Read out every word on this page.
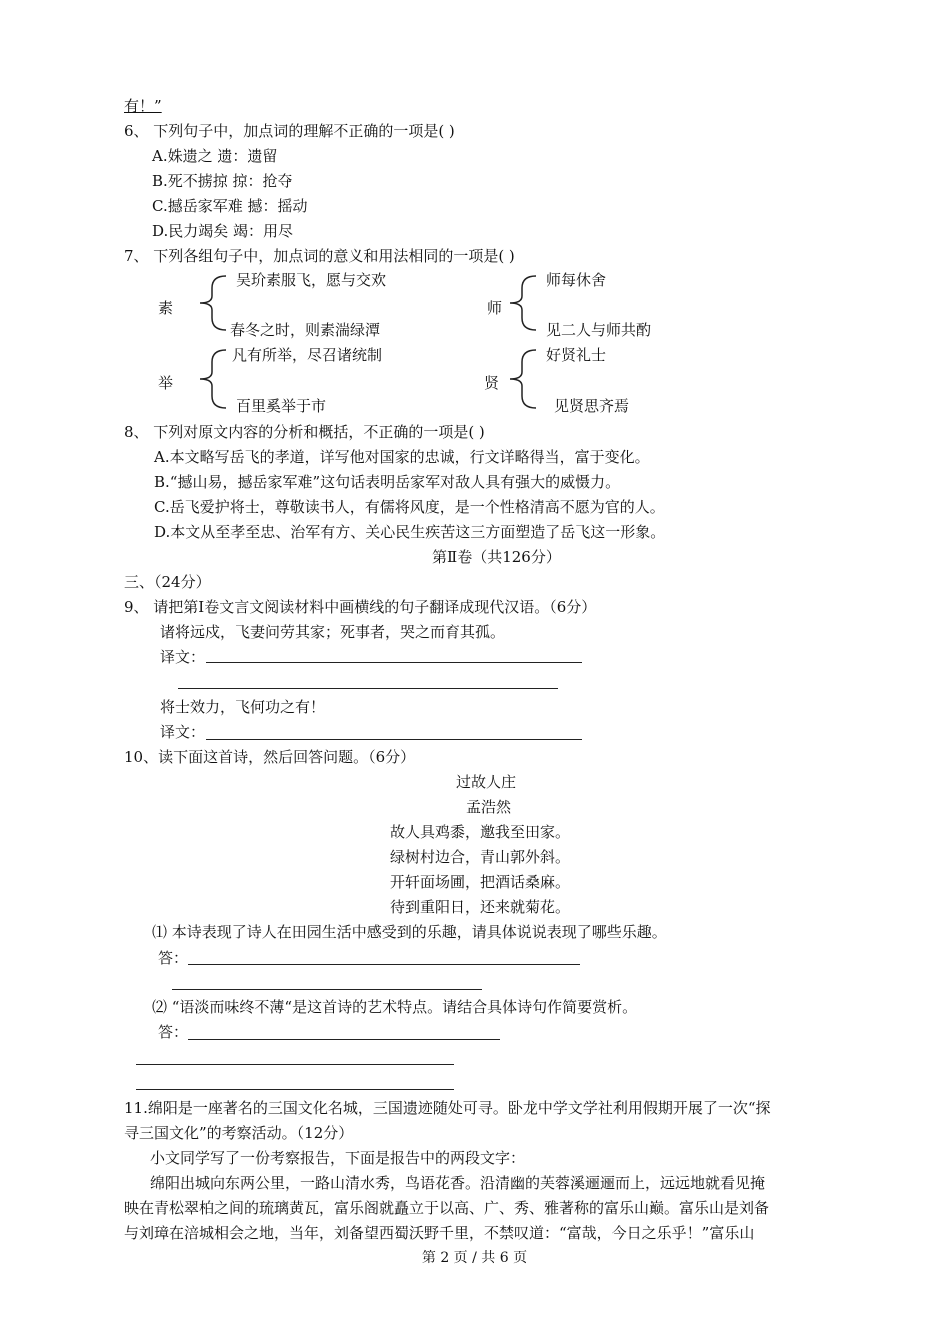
有！”
6、 下列句子中，加点词的理解不正确的一项是( )
A.姝遗之 遗：遗留
B.死不掳掠 掠：抢夺
C.撼岳家军难 撼：摇动
D.民力竭矣 竭：用尽
7、 下列各组句子中，加点词的意义和用法相同的一项是( )
素
吴玠素服飞，愿与交欢
春冬之时，则素湍绿潭
师
师每休舍
见二人与师共酌
举
凡有所举，尽召诸统制
百里奚举于市
贤
好贤礼士
见贤思齐焉
8、 下列对原文内容的分析和概括，不正确的一项是( )
A.本文略写岳飞的孝道，详写他对国家的忠诚，行文详略得当，富于变化。
B.“撼山易，撼岳家军难”这句话表明岳家军对敌人具有强大的威慑力。
C.岳飞爱护将士，尊敬读书人，有儒将风度，是一个性格清高不愿为官的人。
D.本文从至孝至忠、治军有方、关心民生疾苦这三方面塑造了岳飞这一形象。
第Ⅱ卷（共126分）
三、（24分）
9、 请把第Ⅰ卷文言文阅读材料中画横线的句子翻译成现代汉语。（6分）
诸将远戍，飞妻问劳其家；死事者，哭之而育其孤。
译文：
将士效力，飞何功之有！
译文：
10、读下面这首诗，然后回答问题。（6分）
过故人庄
孟浩然
故人具鸡黍，邀我至田家。
绿树村边合，青山郭外斜。
开轩面场圃，把酒话桑麻。
待到重阳日，还来就菊花。
⑴ 本诗表现了诗人在田园生活中感受到的乐趣，请具体说说表现了哪些乐趣。
答：
⑵ “语淡而味终不薄“是这首诗的艺术特点。请结合具体诗句作简要赏析。
答：
11.绵阳是一座著名的三国文化名城，三国遗迹随处可寻。卧龙中学文学社利用假期开展了一次“探
寻三国文化”的考察活动。（12分）
小文同学写了一份考察报告，下面是报告中的两段文字：
绵阳出城向东两公里，一路山清水秀，鸟语花香。沿清幽的芙蓉溪逦逦而上，远远地就看见掩
映在青松翠柏之间的琉璃黄瓦，富乐阁就矗立于以高、广、秀、雅著称的富乐山巅。富乐山是刘备
与刘璋在涪城相会之地，当年，刘备望西蜀沃野千里，不禁叹道：“富哉，今日之乐乎！”富乐山
第 2 页 / 共 6 页
